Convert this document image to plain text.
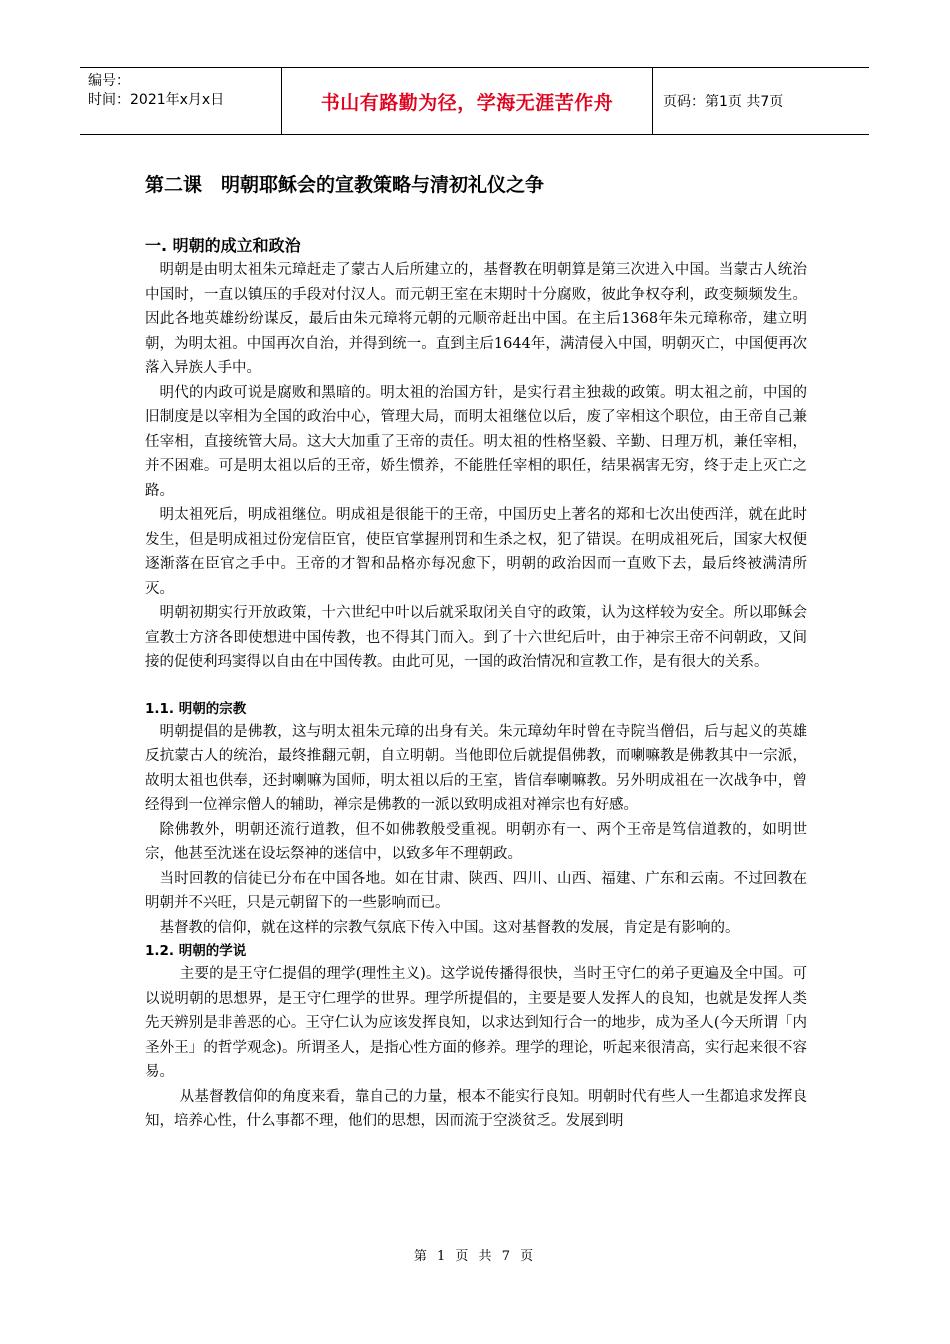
编号：
时间：2021年x月x日	书山有路勤为径，学海无涯苦作舟	页码：第1页 共7页
第二课　明朝耶稣会的宣教策略与清初礼仪之争
一. 明朝的成立和政治

明朝是由明太祖朱元璋赶走了蒙古人后所建立的，基督教在明朝算是第三次进入中国。当蒙古人统治中国时，一直以镇压的手段对付汉人。而元朝王室在末期时十分腐败，彼此争权夺利，政变频频发生。因此各地英雄纷纷谋反，最后由朱元璋将元朝的元顺帝赶出中国。在主后1368年朱元璋称帝，建立明朝，为明太祖。中国再次自治，并得到统一。直到主后1644年，满清侵入中国，明朝灭亡，中国便再次落入异族人手中。

明代的内政可说是腐败和黑暗的。明太祖的治国方针，是实行君主独裁的政策。明太祖之前，中国的旧制度是以宰相为全国的政治中心，管理大局，而明太祖继位以后，废了宰相这个职位，由王帝自己兼任宰相，直接统管大局。这大大加重了王帝的责任。明太祖的性格坚毅、辛勤、日理万机，兼任宰相，并不困难。可是明太祖以后的王帝，娇生惯养，不能胜任宰相的职任，结果祸害无穷，终于走上灭亡之路。

明太祖死后，明成祖继位。明成祖是很能干的王帝，中国历史上著名的郑和七次出使西洋，就在此时发生，但是明成祖过份宠信臣官，使臣官掌握刑罚和生杀之权，犯了错误。在明成祖死后，国家大权便逐渐落在臣官之手中。王帝的才智和品格亦每况愈下，明朝的政治因而一直败下去，最后终被满清所灭。

明朝初期实行开放政策，十六世纪中叶以后就采取闭关自守的政策，认为这样较为安全。所以耶稣会宣教士方济各即使想进中国传教，也不得其门而入。到了十六世纪后叶，由于神宗王帝不问朝政，又间接的促使利玛窦得以自由在中国传教。由此可见，一国的政治情况和宣教工作，是有很大的关系。

1.1. 明朝的宗教

明朝提倡的是佛教，这与明太祖朱元璋的出身有关。朱元璋幼年时曾在寺院当僧侣，后与起义的英雄反抗蒙古人的统治，最终推翻元朝，自立明朝。当他即位后就提倡佛教，而喇嘛教是佛教其中一宗派，故明太祖也供奉，还封喇嘛为国师，明太祖以后的王室，皆信奉喇嘛教。另外明成祖在一次战争中，曾经得到一位禅宗僧人的辅助，禅宗是佛教的一派以致明成祖对禅宗也有好感。

除佛教外，明朝还流行道教，但不如佛教般受重视。明朝亦有一、两个王帝是笃信道教的，如明世宗，他甚至沈迷在设坛祭神的迷信中，以致多年不理朝政。

当时回教的信徒已分布在中国各地。如在甘肃、陕西、四川、山西、福建、广东和云南。不过回教在明朝并不兴旺，只是元朝留下的一些影响而已。

基督教的信仰，就在这样的宗教气氛底下传入中国。这对基督教的发展，肯定是有影响的。

1.2. 明朝的学说

主要的是王守仁提倡的理学(理性主义)。这学说传播得很快，当时王守仁的弟子更遍及全中国。可以说明朝的思想界，是王守仁理学的世界。理学所提倡的，主要是要人发挥人的良知，也就是发挥人类先天辨别是非善恶的心。王守仁认为应该发挥良知，以求达到知行合一的地步，成为圣人(今天所谓「内圣外王」的哲学观念)。所谓圣人，是指心性方面的修养。理学的理论，听起来很清高，实行起来很不容易。

从基督教信仰的角度来看，靠自己的力量，根本不能实行良知。明朝时代有些人一生都追求发挥良知，培养心性，什么事都不理，他们的思想，因而流于空淡贫乏。发展到明

第 1 页 共 7 页
